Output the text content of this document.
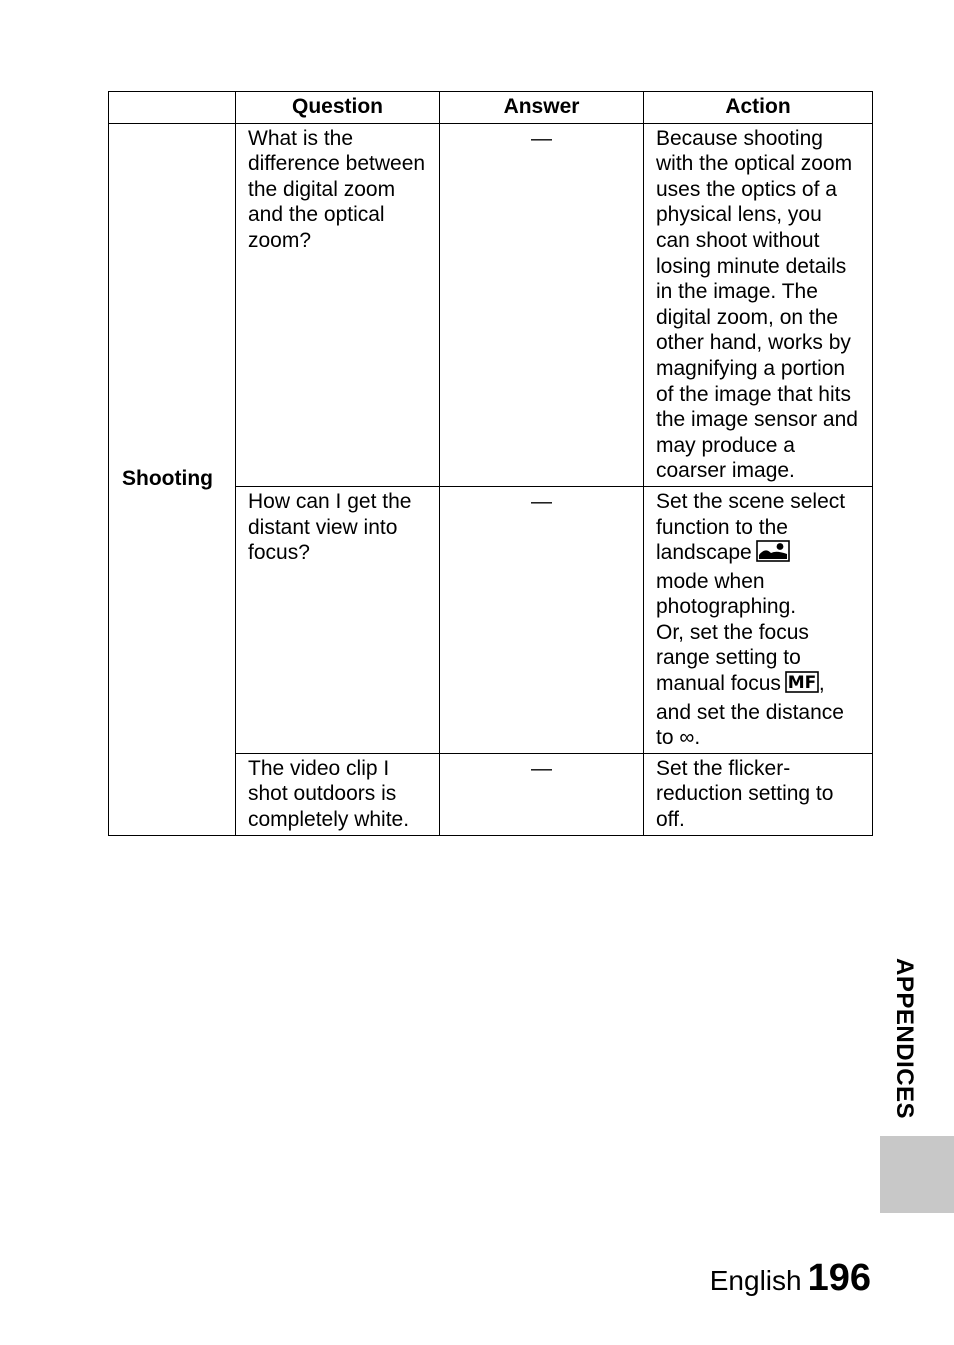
	Question	Answer	Action
Shooting	What is the difference between the digital zoom and the optical zoom?	—	Because shooting with the optical zoom uses the optics of a physical lens, you can shoot without losing minute details in the image. The digital zoom, on the other hand, works by magnifying a portion of the image that hits the image sensor and may produce a coarser image.
	How can I get the distant view into focus?	—	Set the scene select function to the landscape
mode when photographing.
Or, set the focus range setting to manual focus MF , and set the distance to ∞.
	The video clip I shot outdoors is completely white.	—	Set the flicker-reduction setting to off.
APPENDICES
English 196
